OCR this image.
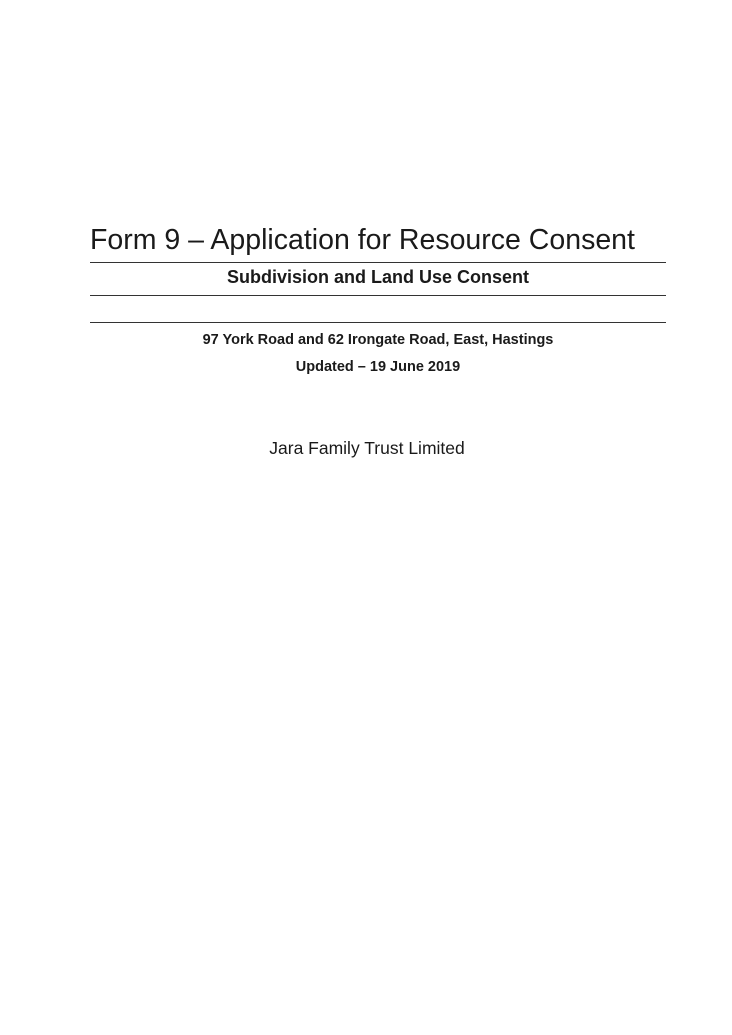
Form 9 – Application for Resource Consent
Subdivision and Land Use Consent

97 York Road and 62 Irongate Road, East, Hastings

Updated – 19 June 2019

Jara Family Trust Limited
